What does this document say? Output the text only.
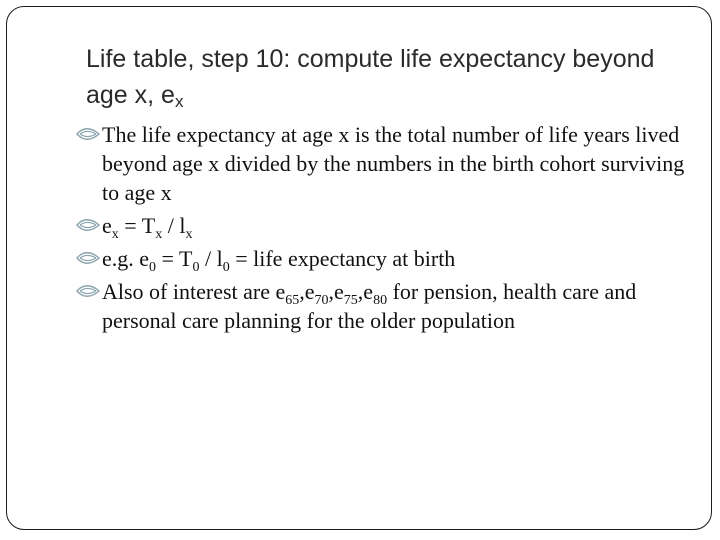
Life table, step 10: compute life expectancy beyond age x, $e_x$
The life expectancy at age x is the total number of life years lived beyond age x divided by the numbers in the birth cohort surviving to age x
$e_x = T_x / l_x$
e.g. $e_0 = T_0 / l_0$ = life expectancy at birth
Also of interest are $e_{65},e_{70},e_{75},e_{80}$ for pension, health care and personal care planning for the older population
